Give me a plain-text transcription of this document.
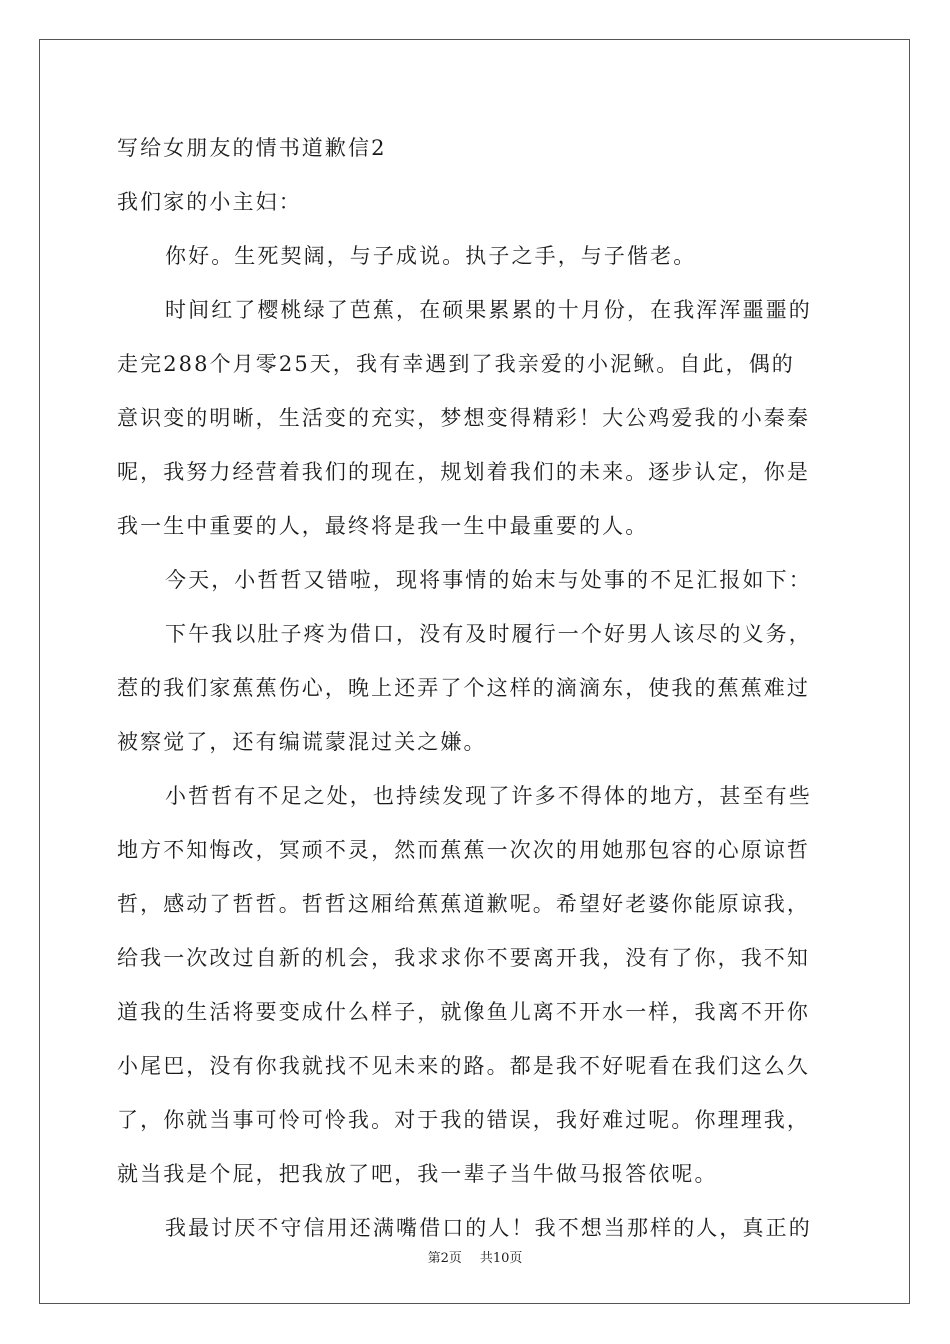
写给女朋友的情书道歉信2
我们家的小主妇：
你好。生死契阔，与子成说。执子之手，与子偕老。
时间红了樱桃绿了芭蕉，在硕果累累的十月份，在我浑浑噩噩的
走完288个月零25天，我有幸遇到了我亲爱的小泥鳅。自此，偶的
意识变的明晰，生活变的充实，梦想变得精彩！大公鸡爱我的小秦秦
呢，我努力经营着我们的现在，规划着我们的未来。逐步认定，你是
我一生中重要的人，最终将是我一生中最重要的人。
今天，小哲哲又错啦，现将事情的始末与处事的不足汇报如下：
下午我以肚子疼为借口，没有及时履行一个好男人该尽的义务，
惹的我们家蕉蕉伤心，晚上还弄了个这样的滴滴东，使我的蕉蕉难过
被察觉了，还有编谎蒙混过关之嫌。
小哲哲有不足之处，也持续发现了许多不得体的地方，甚至有些
地方不知悔改，冥顽不灵，然而蕉蕉一次次的用她那包容的心原谅哲
哲，感动了哲哲。哲哲这厢给蕉蕉道歉呢。希望好老婆你能原谅我，
给我一次改过自新的机会，我求求你不要离开我，没有了你，我不知
道我的生活将要变成什么样子，就像鱼儿离不开水一样，我离不开你
小尾巴，没有你我就找不见未来的路。都是我不好呢看在我们这么久
了，你就当事可怜可怜我。对于我的错误，我好难过呢。你理理我，
就当我是个屁，把我放了吧，我一辈子当牛做马报答依呢。
我最讨厌不守信用还满嘴借口的人！我不想当那样的人，真正的
第2页 共10页
